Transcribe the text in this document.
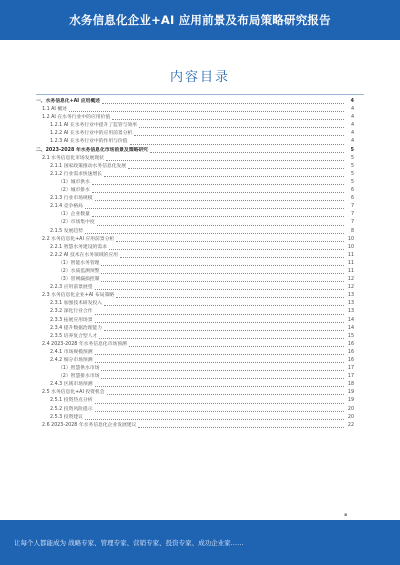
水务信息化企业+AI 应用前景及布局策略研究报告
内容目录
一、水务信息化+AI 应用概述	4
1.1 AI 概述	4
1.2 AI 在水务行业中的应用价值	4
1.2.1 AI 在水务行业中提升了监管与效率	4
1.2.2 AI 在水务行业中的应用前景分析	4
1.2.3 AI 在水务行业中的作用与价值	4
二、2023-2028 年水务信息化市场前景及策略研究	5
2.1 水务信息化市场发展现状	5
2.1.1 国家政策推动水务信息化发展	5
2.1.2 行业需求快速增长	5
（1）城市供水	5
（2）城市排水	6
2.1.3 行业市场规模	6
2.1.4 竞争格局	7
（1）企业数量	7
（2）市场集中度	7
2.1.5 发展趋势	8
2.2 水务信息化+AI 应用前景分析	10
2.2.1 智慧水务建设的需求	10
2.2.2 AI 技术在水务领域的应用	11
（1）智能水务管理	11
（2）水质监测预警	11
（3）管网漏损控制	12
2.2.3 应用前景展望	12
2.3 水务信息化企业+AI 布局策略	13
2.3.1 加强技术研发投入	13
2.3.2 深化行业合作	13
2.3.3 拓展应用场景	14
2.3.4 提升数据治理能力	14
2.3.5 培养复合型人才	15
2.4 2023-2028 年水务信息化市场预测	16
2.4.1 市场规模预测	16
2.4.2 细分市场预测	16
（1）智慧供水市场	17
（2）智慧排水市场	17
2.4.3 区域市场预测	18
2.5 水务信息化+AI 投资机会	19
2.5.1 投资热点分析	19
2.5.2 投资风险提示	20
2.5.3 投资建议	20
2.6 2023-2028 年水务信息化企业发展建议	22
▪
让每个人都能成为 战略专家、管理专家、营销专家、投资专家、成功企业家……
